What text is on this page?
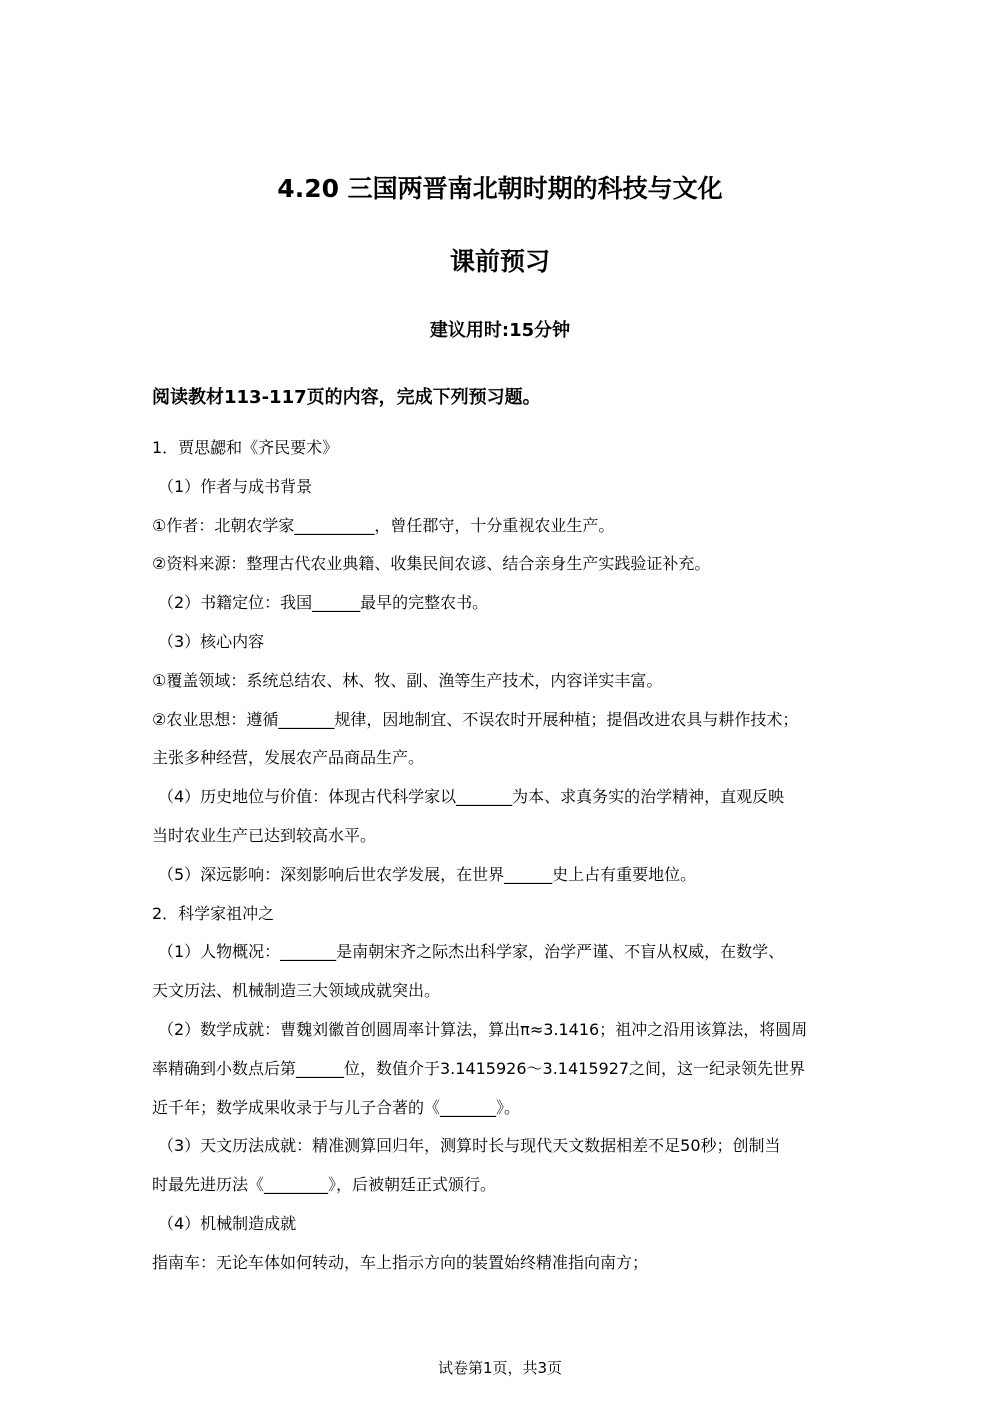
4.20 三国两晋南北朝时期的科技与文化
课前预习
建议用时:15分钟
阅读教材113-117页的内容，完成下列预习题。
1．贾思勰和《齐民要术》
（1）作者与成书背景
①作者：北朝农学家__________，曾任郡守，十分重视农业生产。
②资料来源：整理古代农业典籍、收集民间农谚、结合亲身生产实践验证补充。
（2）书籍定位：我国______最早的完整农书。
（3）核心内容
①覆盖领域：系统总结农、林、牧、副、渔等生产技术，内容详实丰富。
②农业思想：遵循_______规律，因地制宜、不误农时开展种植；提倡改进农具与耕作技术；
主张多种经营，发展农产品商品生产。
（4）历史地位与价值：体现古代科学家以_______为本、求真务实的治学精神，直观反映
当时农业生产已达到较高水平。
（5）深远影响：深刻影响后世农学发展，在世界______史上占有重要地位。
2．科学家祖冲之
（1）人物概况：_______是南朝宋齐之际杰出科学家，治学严谨、不盲从权威，在数学、
天文历法、机械制造三大领域成就突出。
（2）数学成就：曹魏刘徽首创圆周率计算法，算出π≈3.1416；祖冲之沿用该算法，将圆周
率精确到小数点后第______位，数值介于3.1415926～3.1415927之间，这一纪录领先世界
近千年；数学成果收录于与儿子合著的《_______》。
（3）天文历法成就：精准测算回归年，测算时长与现代天文数据相差不足50秒；创制当
时最先进历法《________》，后被朝廷正式颁行。
（4）机械制造成就
指南车：无论车体如何转动，车上指示方向的装置始终精准指向南方；
试卷第1页，共3页
